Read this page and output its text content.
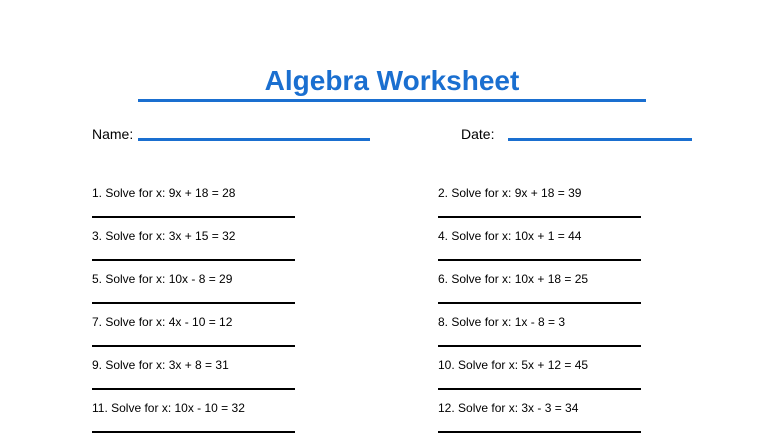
Algebra Worksheet
Name:	Date:
1. Solve for x: 9x + 18 = 28
3. Solve for x: 3x + 15 = 32
5. Solve for x: 10x - 8 = 29
7. Solve for x: 4x - 10 = 12
9. Solve for x: 3x + 8 = 31
11. Solve for x: 10x - 10 = 32
2. Solve for x: 9x + 18 = 39
4. Solve for x: 10x + 1 = 44
6. Solve for x: 10x + 18 = 25
8. Solve for x: 1x - 8 = 3
10. Solve for x: 5x + 12 = 45
12. Solve for x: 3x - 3 = 34
